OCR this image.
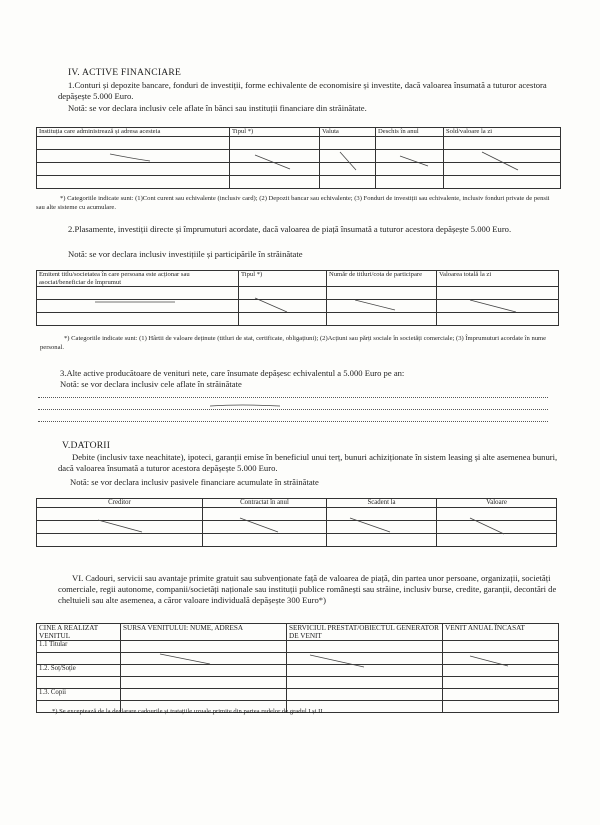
IV. ACTIVE FINANCIARE
1.Conturi și depozite bancare, fonduri de investiții, forme echivalente de economisire și investite, dacă valoarea însumată a tuturor acestora depășește 5.000 Euro.
Notă: se vor declara inclusiv cele aflate în bănci sau instituții financiare din străinătate.
Instituția care administrează și adresa acesteia	Tipul *)	Valuta	Deschis în anul	Sold/valoare la zi

*) Categoriile indicate sunt: (1)Cont curent sau echivalente (inclusiv card); (2) Depozit bancar sau echivalente; (3) Fonduri de investiții sau echivalente, inclusiv fonduri private de pensii sau alte sisteme cu acumulare.
2.Plasamente, investiții directe și împrumuturi acordate, dacă valoarea de piață însumată a tuturor acestora depășește 5.000 Euro.
Notă: se vor declara inclusiv investițiile și participările în străinătate
Emitent titlu/societatea în care persoana este acționar sau asociat/beneficiar de împrumut	Tipul *)	Număr de titluri/cota de participare	Valoarea totală la zi

*) Categoriile indicate sunt: (1) Hârtii de valoare deținute (titluri de stat, certificate, obligațiuni); (2)Acțiuni sau părți sociale în societăți comerciale; (3) Împrumuturi acordate în nume personal.
3.Alte active producătoare de venituri nete, care însumate depășesc echivalentul a 5.000 Euro pe an:
Notă: se vor declara inclusiv cele aflate în străinătate
V.DATORII
Debite (inclusiv taxe neachitate), ipoteci, garanții emise în beneficiul unui terț, bunuri achiziționate în sistem leasing și alte asemenea bunuri, dacă valoarea însumată a tuturor acestora depășește 5.000 Euro.
Notă: se vor declara inclusiv pasivele financiare acumulate în străinătate
Creditor	Contractat în anul	Scadent la	Valoare

VI. Cadouri, servicii sau avantaje primite gratuit sau subvenționate față de valoarea de piață, din partea unor persoane, organizații, societăți comerciale, regii autonome, companii/societăți naționale sau instituții publice românești sau străine, inclusiv burse, credite, garanții, decontări de cheltuieli sau alte asemenea, a căror valoare individuală depășește 300 Euro*)
CINE A REALIZAT VENITUL	SURSA VENITULUI: NUME, ADRESA	SERVICIUL PRESTAT/OBIECTUL GENERATOR DE VENIT	VENIT ANUAL ÎNCASAT
1.1 Titular			

1.2. Soț/Soție			

1.3. Copii			

*) Se exceptează de la declarare cadourile și tratațiile uzuale primite din partea rudelor de gradul I și II
